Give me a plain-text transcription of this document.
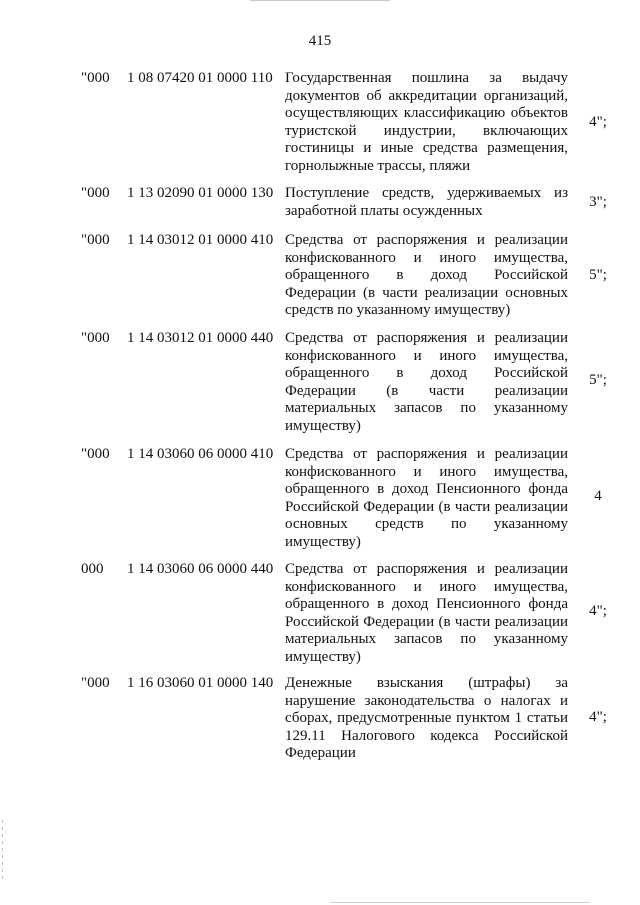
415
"000 1 08 07420 01 0000 110 Государственная пошлина за выдачу документов об аккредитации организаций, осуществляющих классификацию объектов туристской индустрии, включающих гостиницы и иные средства размещения, горнолыжные трассы, пляжи
4";
"000 1 13 02090 01 0000 130 Поступление средств, удерживаемых из заработной платы осужденных
3";
"000 1 14 03012 01 0000 410 Средства от распоряжения и реализации конфискованного и иного имущества, обращенного в доход Российской Федерации (в части реализации основных средств по указанному имуществу)
5";
"000 1 14 03012 01 0000 440 Средства от распоряжения и реализации конфискованного и иного имущества, обращенного в доход Российской Федерации (в части реализации материальных запасов по указанному имуществу)
5";
"000 1 14 03060 06 0000 410 Средства от распоряжения и реализации конфискованного и иного имущества, обращенного в доход Пенсионного фонда Российской Федерации (в части реализации основных средств по указанному имуществу)
4
000 1 14 03060 06 0000 440 Средства от распоряжения и реализации конфискованного и иного имущества, обращенного в доход Пенсионного фонда Российской Федерации (в части реализации материальных запасов по указанному имуществу)
4";
"000 1 16 03060 01 0000 140 Денежные взыскания (штрафы) за нарушение законодательства о налогах и сборах, предусмотренные пунктом 1 статьи 129.11 Налогового кодекса Российской Федерации
4";
